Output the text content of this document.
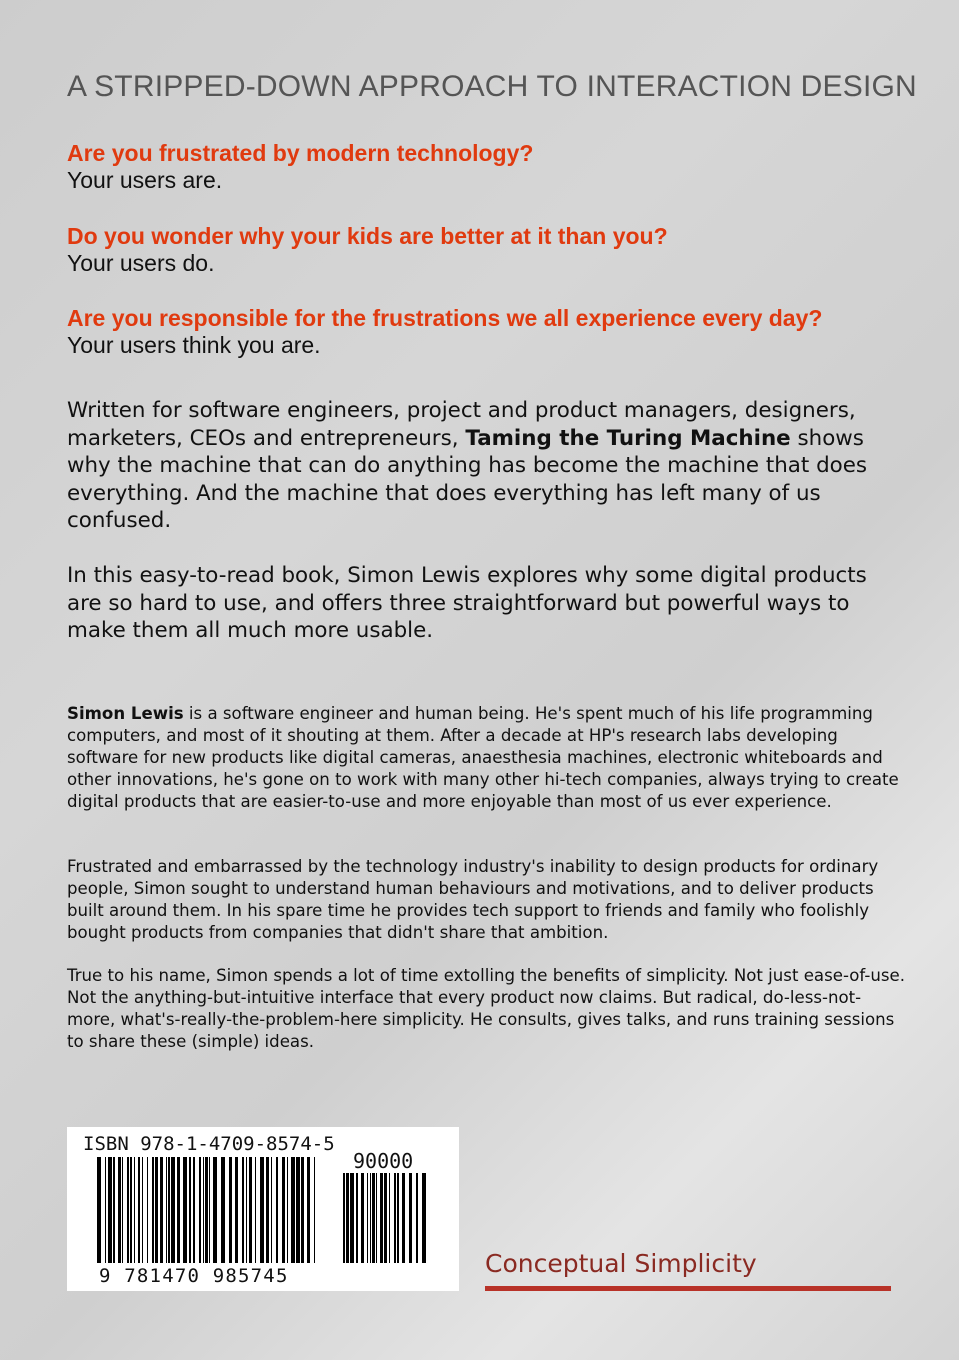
A STRIPPED-DOWN APPROACH TO INTERACTION DESIGN
Are you frustrated by modern technology?
Your users are.
Do you wonder why your kids are better at it than you?
Your users do.
Are you responsible for the frustrations we all experience every day?
Your users think you are.
Written for software engineers, project and product managers, designers, marketers, CEOs and entrepreneurs, Taming the Turing Machine shows why the machine that can do anything has become the machine that does everything. And the machine that does everything has left many of us confused.
In this easy-to-read book, Simon Lewis explores why some digital products are so hard to use, and offers three straightforward but powerful ways to make them all much more usable.
Simon Lewis is a software engineer and human being. He's spent much of his life programming computers, and most of it shouting at them. After a decade at HP's research labs developing software for new products like digital cameras, anaesthesia machines, electronic whiteboards and other innovations, he's gone on to work with many other hi-tech companies, always trying to create digital products that are easier-to-use and more enjoyable than most of us ever experience.
Frustrated and embarrassed by the technology industry's inability to design products for ordinary people, Simon sought to understand human behaviours and motivations, and to deliver products built around them. In his spare time he provides tech support to friends and family who foolishly bought products from companies that didn't share that ambition.
True to his name, Simon spends a lot of time extolling the benefits of simplicity. Not just ease-of-use. Not the anything-but-intuitive interface that every product now claims. But radical, do-less-not-more, what's-really-the-problem-here simplicity. He consults, gives talks, and runs training sessions to share these (simple) ideas.
ISBN 978-1-4709-8574-5
90000
9 781470 985745	Conceptual Simplicity
